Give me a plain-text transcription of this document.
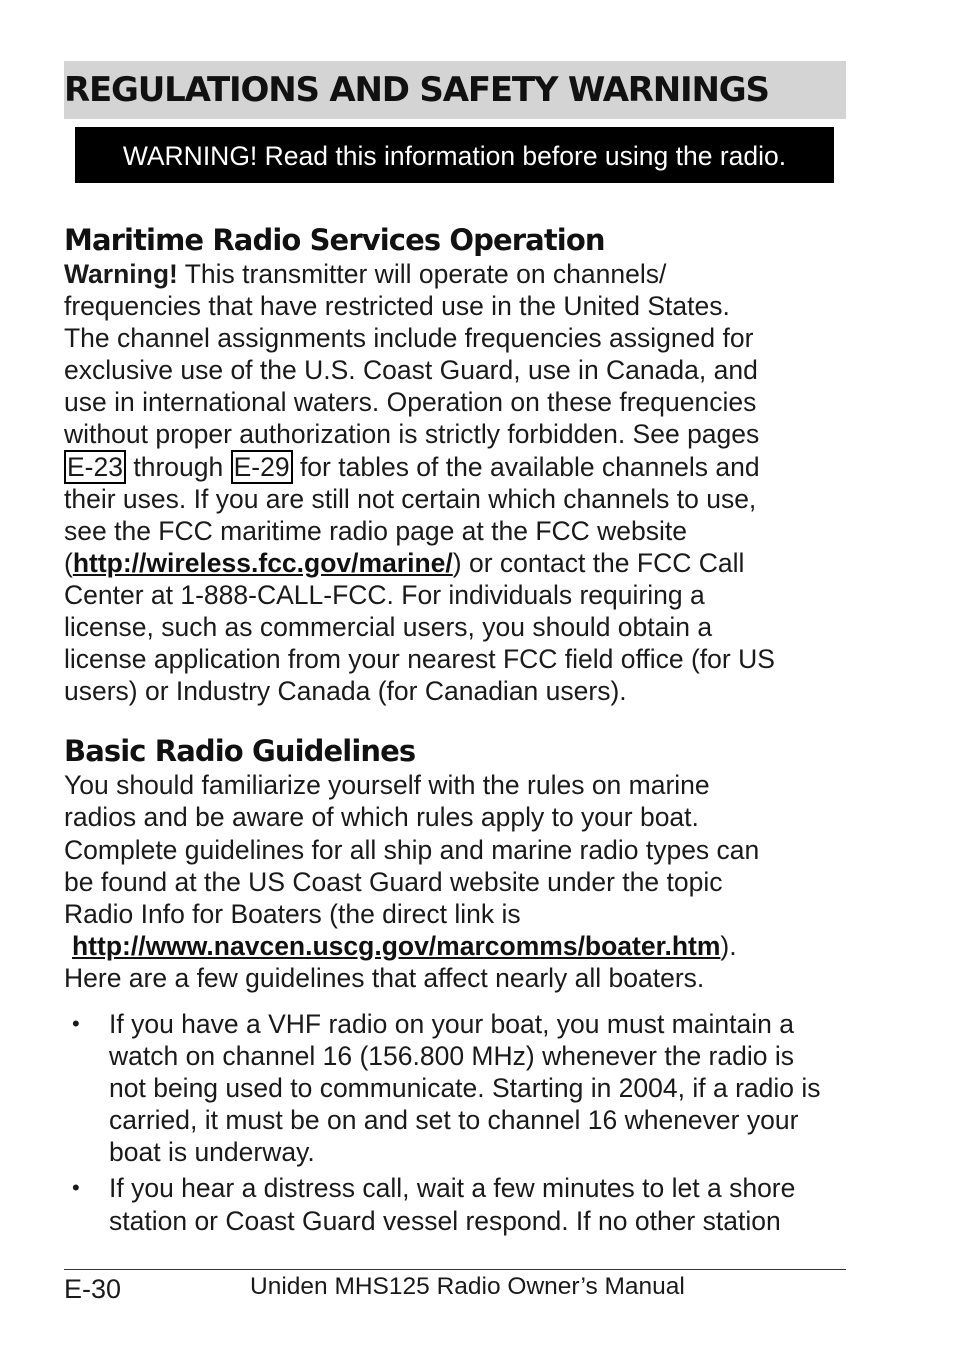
REGULATIONS AND SAFETY WARNINGS
WARNING! Read this information before using the radio.
Maritime Radio Services Operation

Warning! This transmitter will operate on channels/
frequencies that have restricted use in the United States.
The channel assignments include frequencies assigned for
exclusive use of the U.S. Coast Guard, use in Canada, and
use in international waters. Operation on these frequencies
without proper authorization is strictly forbidden. See pages
E-23 through E-29 for tables of the available channels and
their uses. If you are still not certain which channels to use,
see the FCC maritime radio page at the FCC website
(http://wireless.fcc.gov/marine/) or contact the FCC Call
Center at 1-888-CALL-FCC. For individuals requiring a
license, such as commercial users, you should obtain a
license application from your nearest FCC field office (for US
users) or Industry Canada (for Canadian users).

Basic Radio Guidelines

You should familiarize yourself with the rules on marine
radios and be aware of which rules apply to your boat.
Complete guidelines for all ship and marine radio types can
be found at the US Coast Guard website under the topic
Radio Info for Boaters (the direct link is
http://www.navcen.uscg.gov/marcomms/boater.htm).
Here are a few guidelines that affect nearly all boaters.

• If you have a VHF radio on your boat, you must maintain a
watch on channel 16 (156.800 MHz) whenever the radio is
not being used to communicate. Starting in 2004, if a radio is
carried, it must be on and set to channel 16 whenever your
boat is underway.
• If you hear a distress call, wait a few minutes to let a shore
station or Coast Guard vessel respond. If no other station
E-30	Uniden MHS125 Radio Owner’s Manual
